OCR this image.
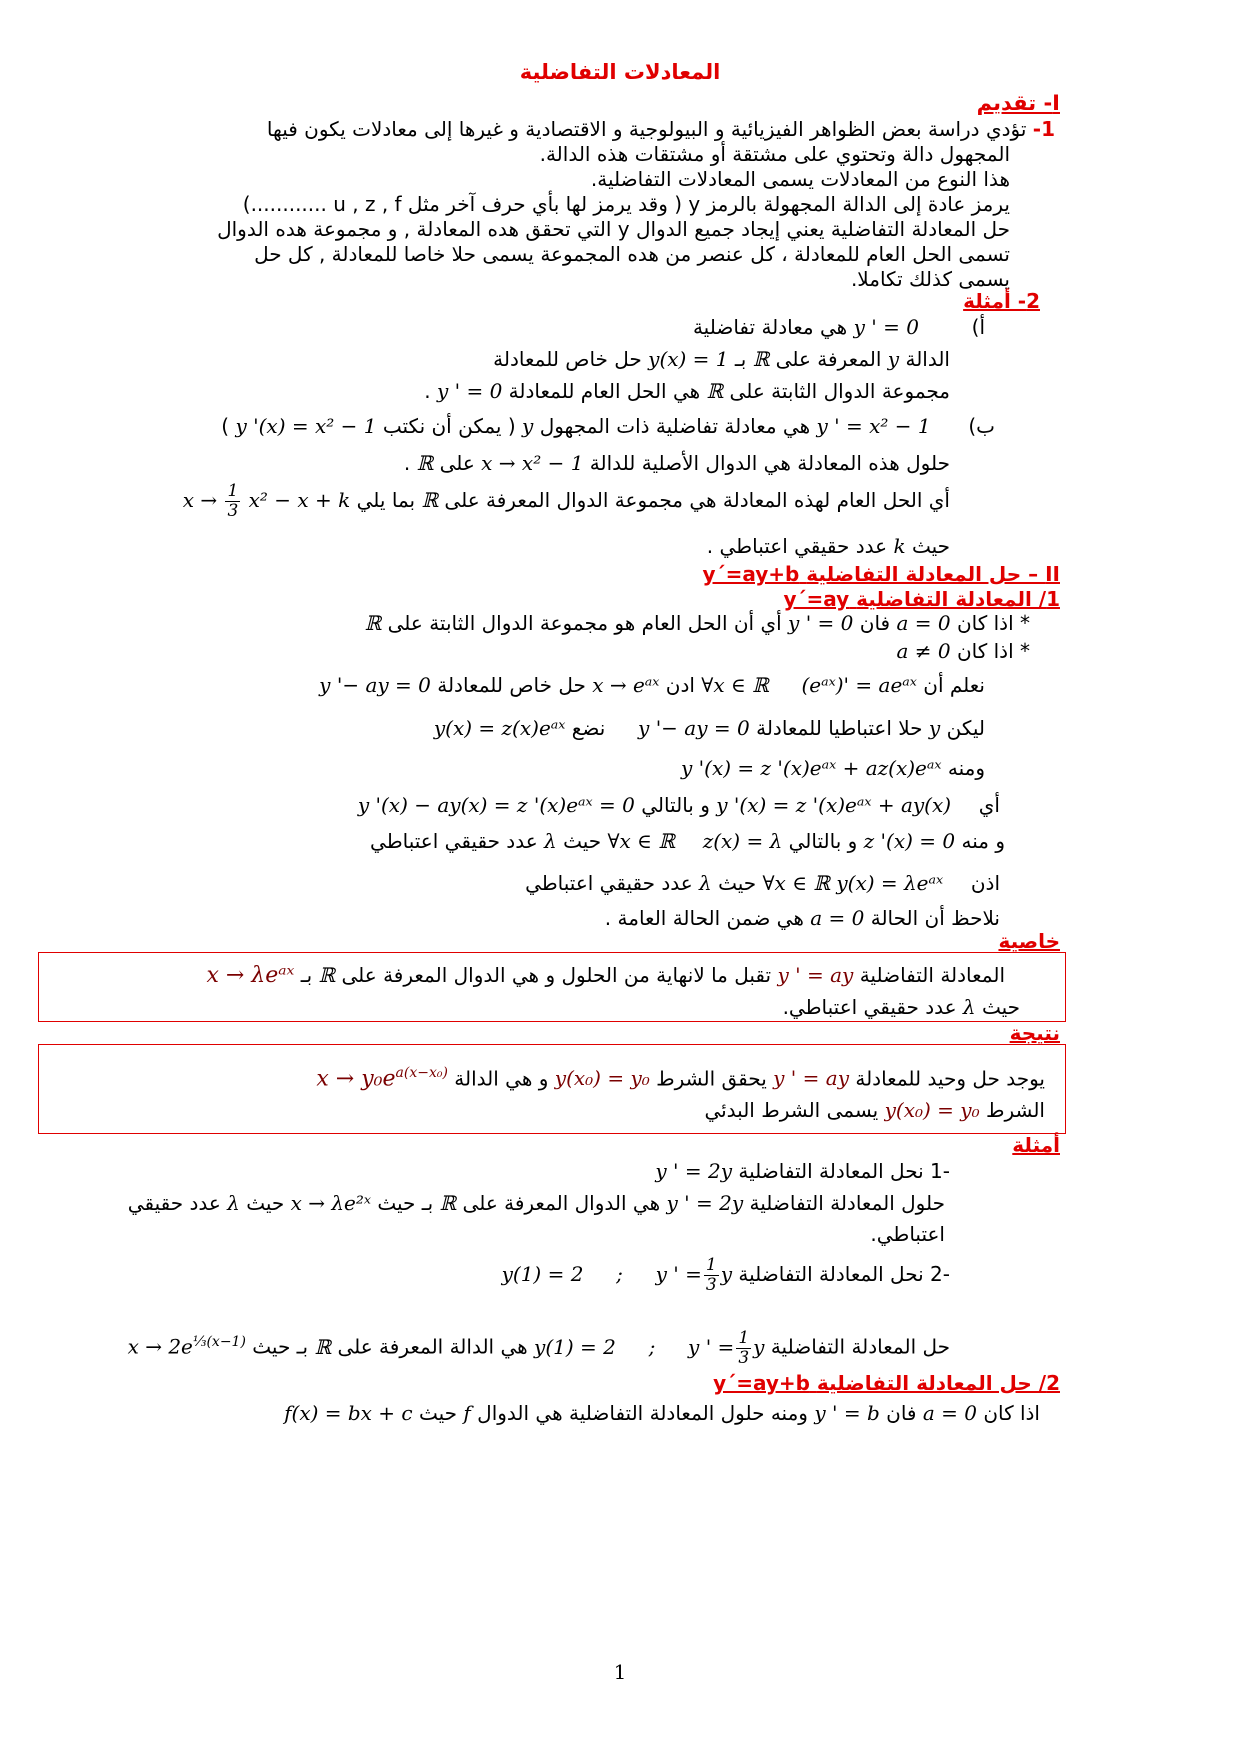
المعادلات التفاضلية
I- تقديم
1- تؤدي دراسة بعض الظواهر الفيزيائية و البيولوجية و الاقتصادية و غيرها إلى معادلات يكون فيها
المجهول دالة وتحتوي على مشتقة أو مشتقات هذه الدالة.
هذا النوع من المعادلات يسمى المعادلات التفاضلية.
يرمز عادة إلى الدالة المجهولة بالرمز y ( وقد يرمز لها بأي حرف آخر مثل u , z , f ............)
حل المعادلة التفاضلية يعني إيجاد جميع الدوال y التي تحقق هده المعادلة , و مجموعة هده الدوال
تسمى الحل العام للمعادلة ، كل عنصر من هده المجموعة يسمى حلا خاصا للمعادلة , كل حل
يسمى كذلك تكاملا.
2- أمثلة
أ)  y ' = 0 هي معادلة تفاضلية
الدالة y المعرفة على ℝ بـ y(x) = 1 حل خاص للمعادلة
مجموعة الدوال الثابتة على ℝ هي الحل العام للمعادلة y ' = 0 .
ب)  y ' = x² − 1 هي معادلة تفاضلية ذات المجهول y ( يمكن أن نكتب y '(x) = x² − 1 )
حلول هذه المعادلة هي الدوال الأصلية للدالة x → x² − 1 على ℝ .
أي الحل العام لهذه المعادلة هي مجموعة الدوال المعرفة على ℝ بما يلي $x \to \frac{1}{3} x^2 - x + k$
حيث k عدد حقيقي اعتباطي .
II – حل المعادلة التفاضلية y´=ay+b
1/ المعادلة التفاضلية y´=ay
* اذا كان a = 0 فان y ' = 0 أي أن الحل العام هو مجموعة الدوال الثابتة على ℝ
* اذا كان a ≠ 0
نعلم أن (eᵃˣ)' = aeᵃˣ  ∀x ∈ ℝ ادن x → eᵃˣ حل خاص للمعادلة y '− ay = 0
ليكن y حلا اعتباطيا للمعادلة y '− ay = 0  نضع y(x) = z(x)eᵃˣ
ومنه y '(x) = z '(x)eᵃˣ + az(x)eᵃˣ
أي  y '(x) = z '(x)eᵃˣ + ay(x) و بالتالي y '(x) − ay(x) = z '(x)eᵃˣ = 0
و منه z '(x) = 0 و بالتالي z(x) = λ  ∀x ∈ ℝ حيث λ عدد حقيقي اعتباطي
اذن  y(x) = λeᵃˣ ∀x ∈ ℝ حيث λ عدد حقيقي اعتباطي
نلاحظ أن الحالة a = 0 هي ضمن الحالة العامة .
خاصية
المعادلة التفاضلية y ' = ay تقبل ما لانهاية من الحلول و هي الدوال المعرفة على ℝ بـ x → λeᵃˣ
حيث λ عدد حقيقي اعتباطي.
نتيجة
يوجد حل وحيد للمعادلة y ' = ay يحقق الشرط y(x₀) = y₀ و هي الدالة $x \to y_0e^{a(x-x_0)}$
الشرط y(x₀) = y₀ يسمى الشرط البدئي
أمثلة
-1 نحل المعادلة التفاضلية y ' = 2y
حلول المعادلة التفاضلية y ' = 2y هي الدوال المعرفة على ℝ بـ حيث x → λe²ˣ حيث λ عدد حقيقي
اعتباطي.
-2 نحل المعادلة التفاضلية y ' = $\frac{1}{3}$ y  ;  y(1) = 2
حل المعادلة التفاضلية y ' = $\frac{1}{3}$ y  ;  y(1) = 2 هي الدالة المعرفة على ℝ بـ حيث $x \to 2e^{\frac{1}{3}(x-1)}$
2/ حل المعادلة التفاضلية y´=ay+b
اذا كان a = 0 فان y ' = b ومنه حلول المعادلة التفاضلية هي الدوال f حيث f(x) = bx + c
1
